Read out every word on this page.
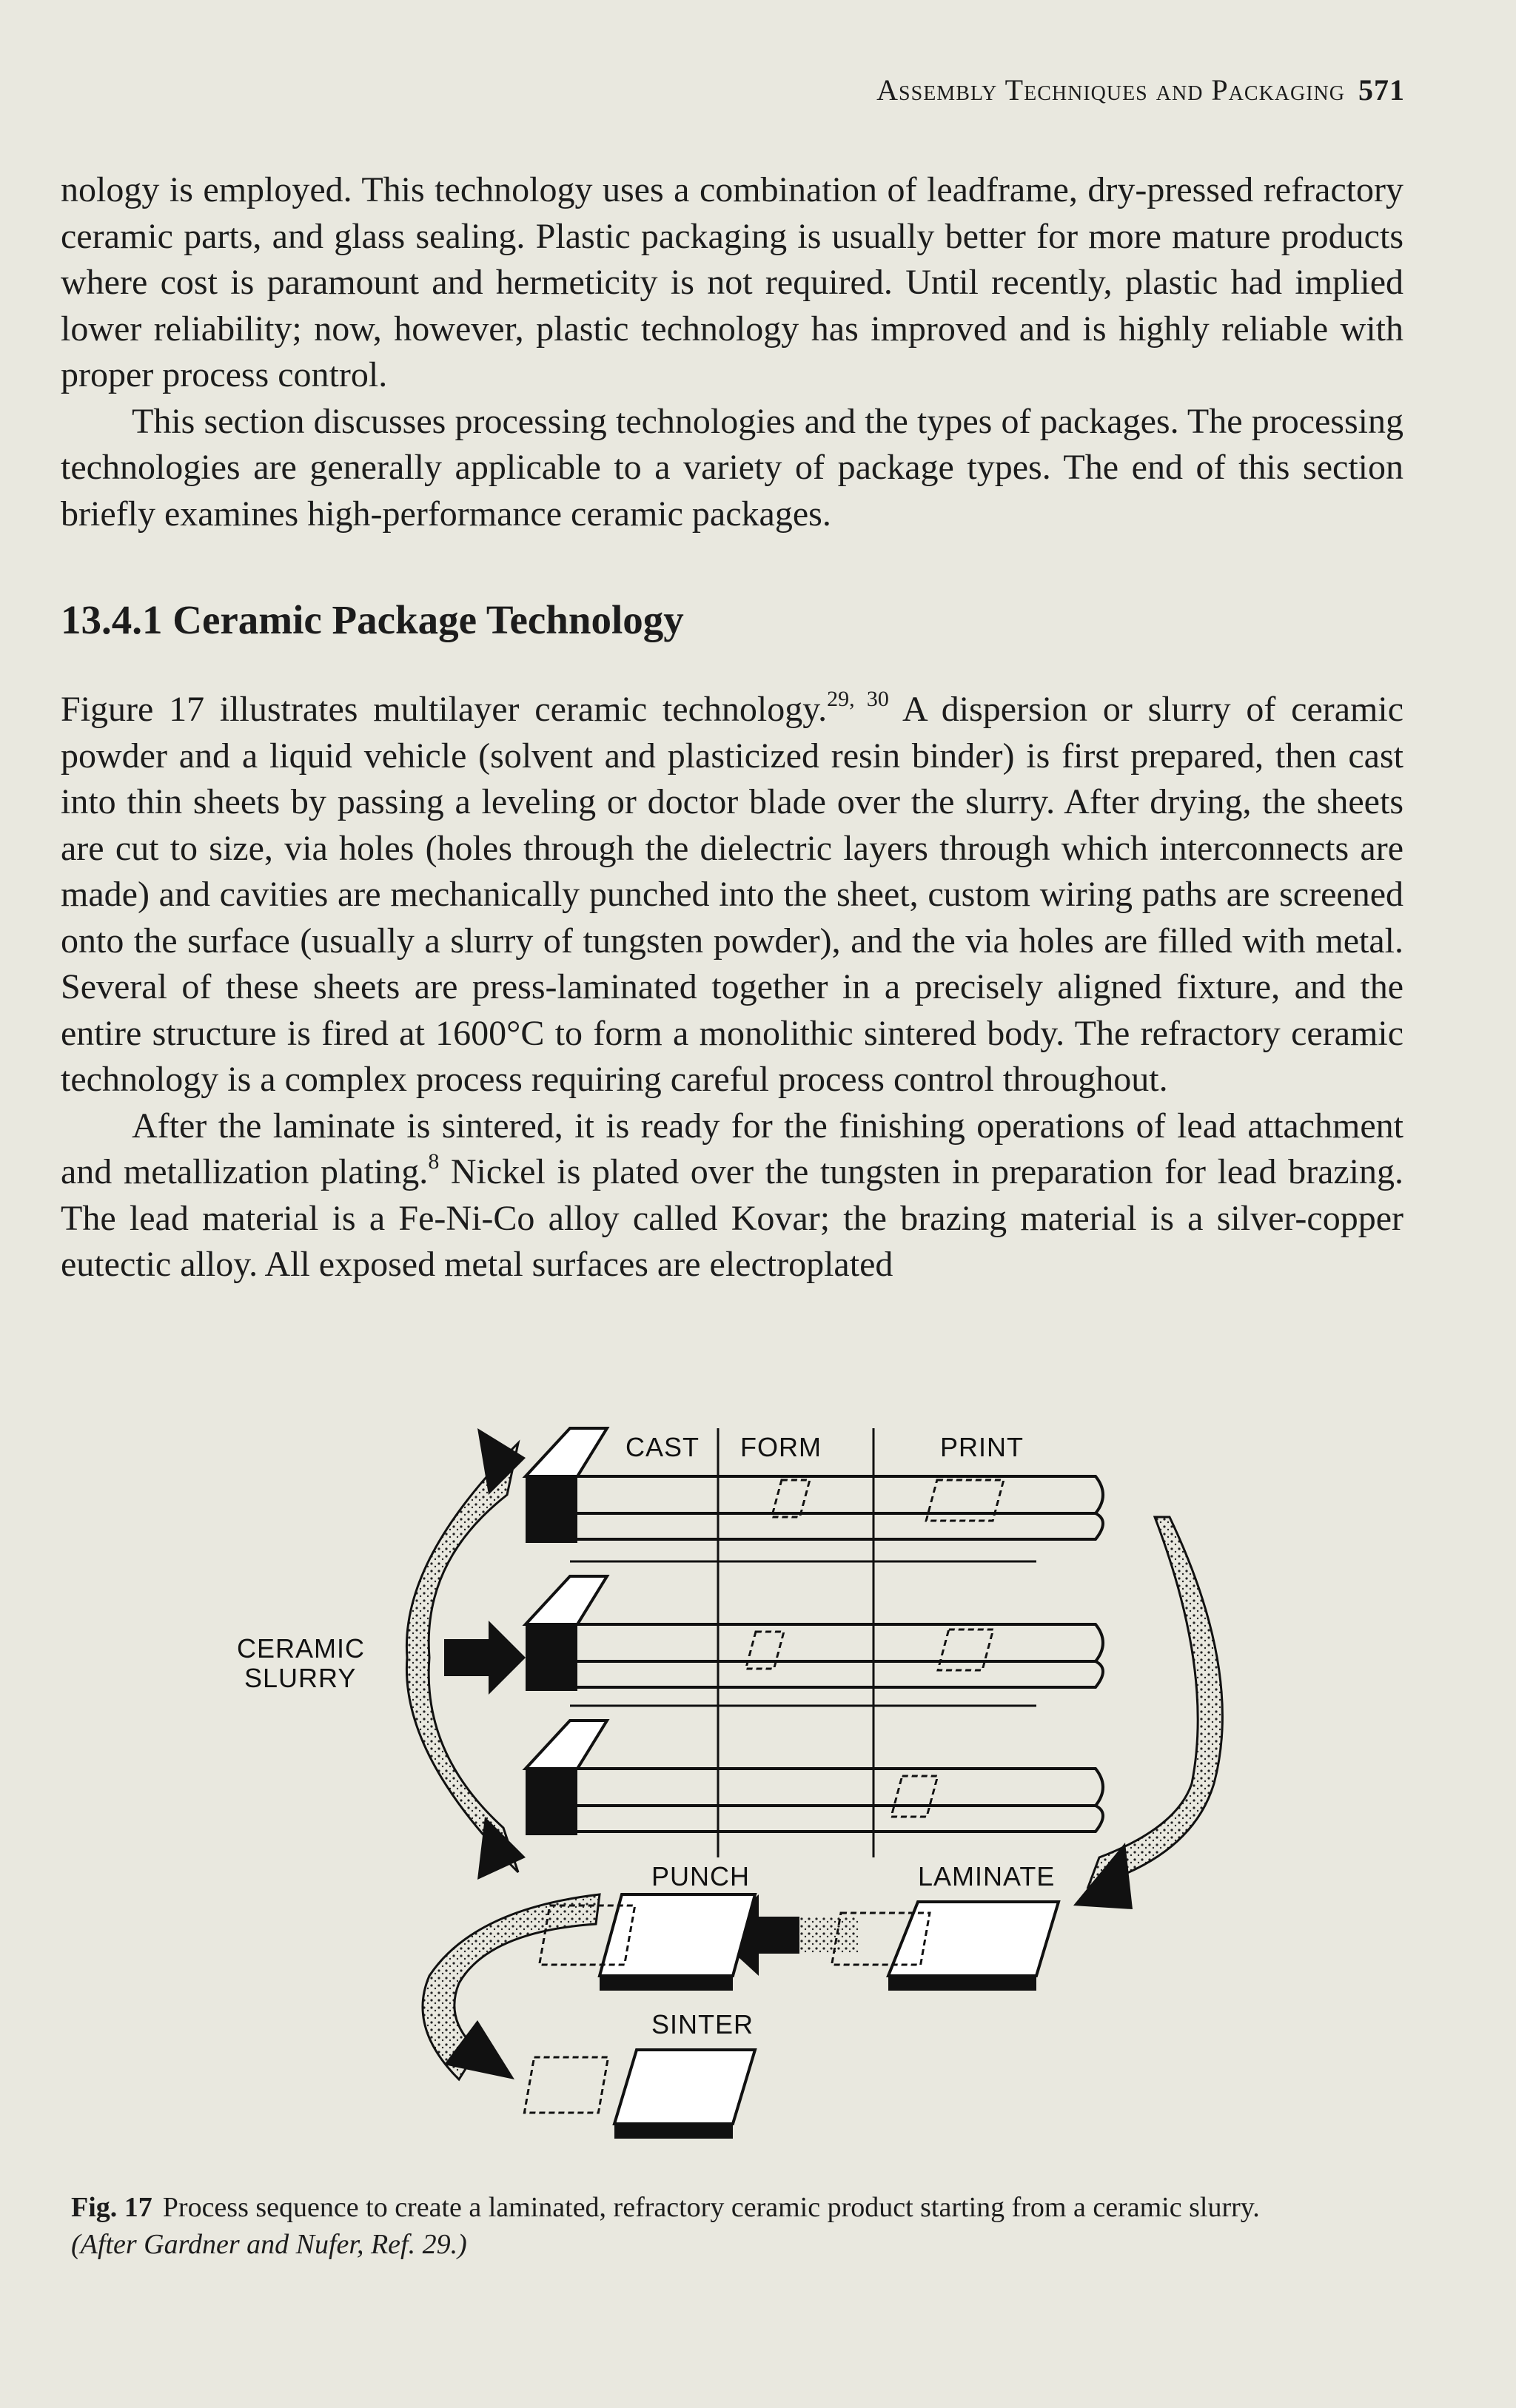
Assembly Techniques and Packaging 571

nology is employed. This technology uses a combination of leadframe, dry-pressed refractory ceramic parts, and glass sealing. Plastic packaging is usually better for more mature products where cost is paramount and hermeticity is not required. Until recently, plastic had implied lower reliability; now, however, plastic technology has improved and is highly reliable with proper process control.

This section discusses processing technologies and the types of packages. The processing technologies are generally applicable to a variety of package types. The end of this section briefly examines high-performance ceramic packages.

13.4.1 Ceramic Package Technology

Figure 17 illustrates multilayer ceramic technology.$^{29, 30}$ A dispersion or slurry of ceramic powder and a liquid vehicle (solvent and plasticized resin binder) is first prepared, then cast into thin sheets by passing a leveling or doctor blade over the slurry. After drying, the sheets are cut to size, via holes (holes through the dielectric layers through which interconnects are made) and cavities are mechanically punched into the sheet, custom wiring paths are screened onto the surface (usually a slurry of tungsten powder), and the via holes are filled with metal. Several of these sheets are press-laminated together in a precisely aligned fixture, and the entire structure is fired at 1600°C to form a monolithic sintered body. The refractory ceramic technology is a complex process requiring careful process control throughout.

After the laminate is sintered, it is ready for the finishing operations of lead attachment and metallization plating.$^8$ Nickel is plated over the tungsten in preparation for lead brazing. The lead material is a Fe-Ni-Co alloy called Kovar; the brazing material is a silver-copper eutectic alloy. All exposed metal surfaces are electroplated

CAST FORM	PRINT
CERAMIC
SLURRY
PUNCH	LAMINATE
SINTER
Fig. 17 Process sequence to create a laminated, refractory ceramic product starting from a ceramic slurry.
(After Gardner and Nufer, Ref. 29.)
